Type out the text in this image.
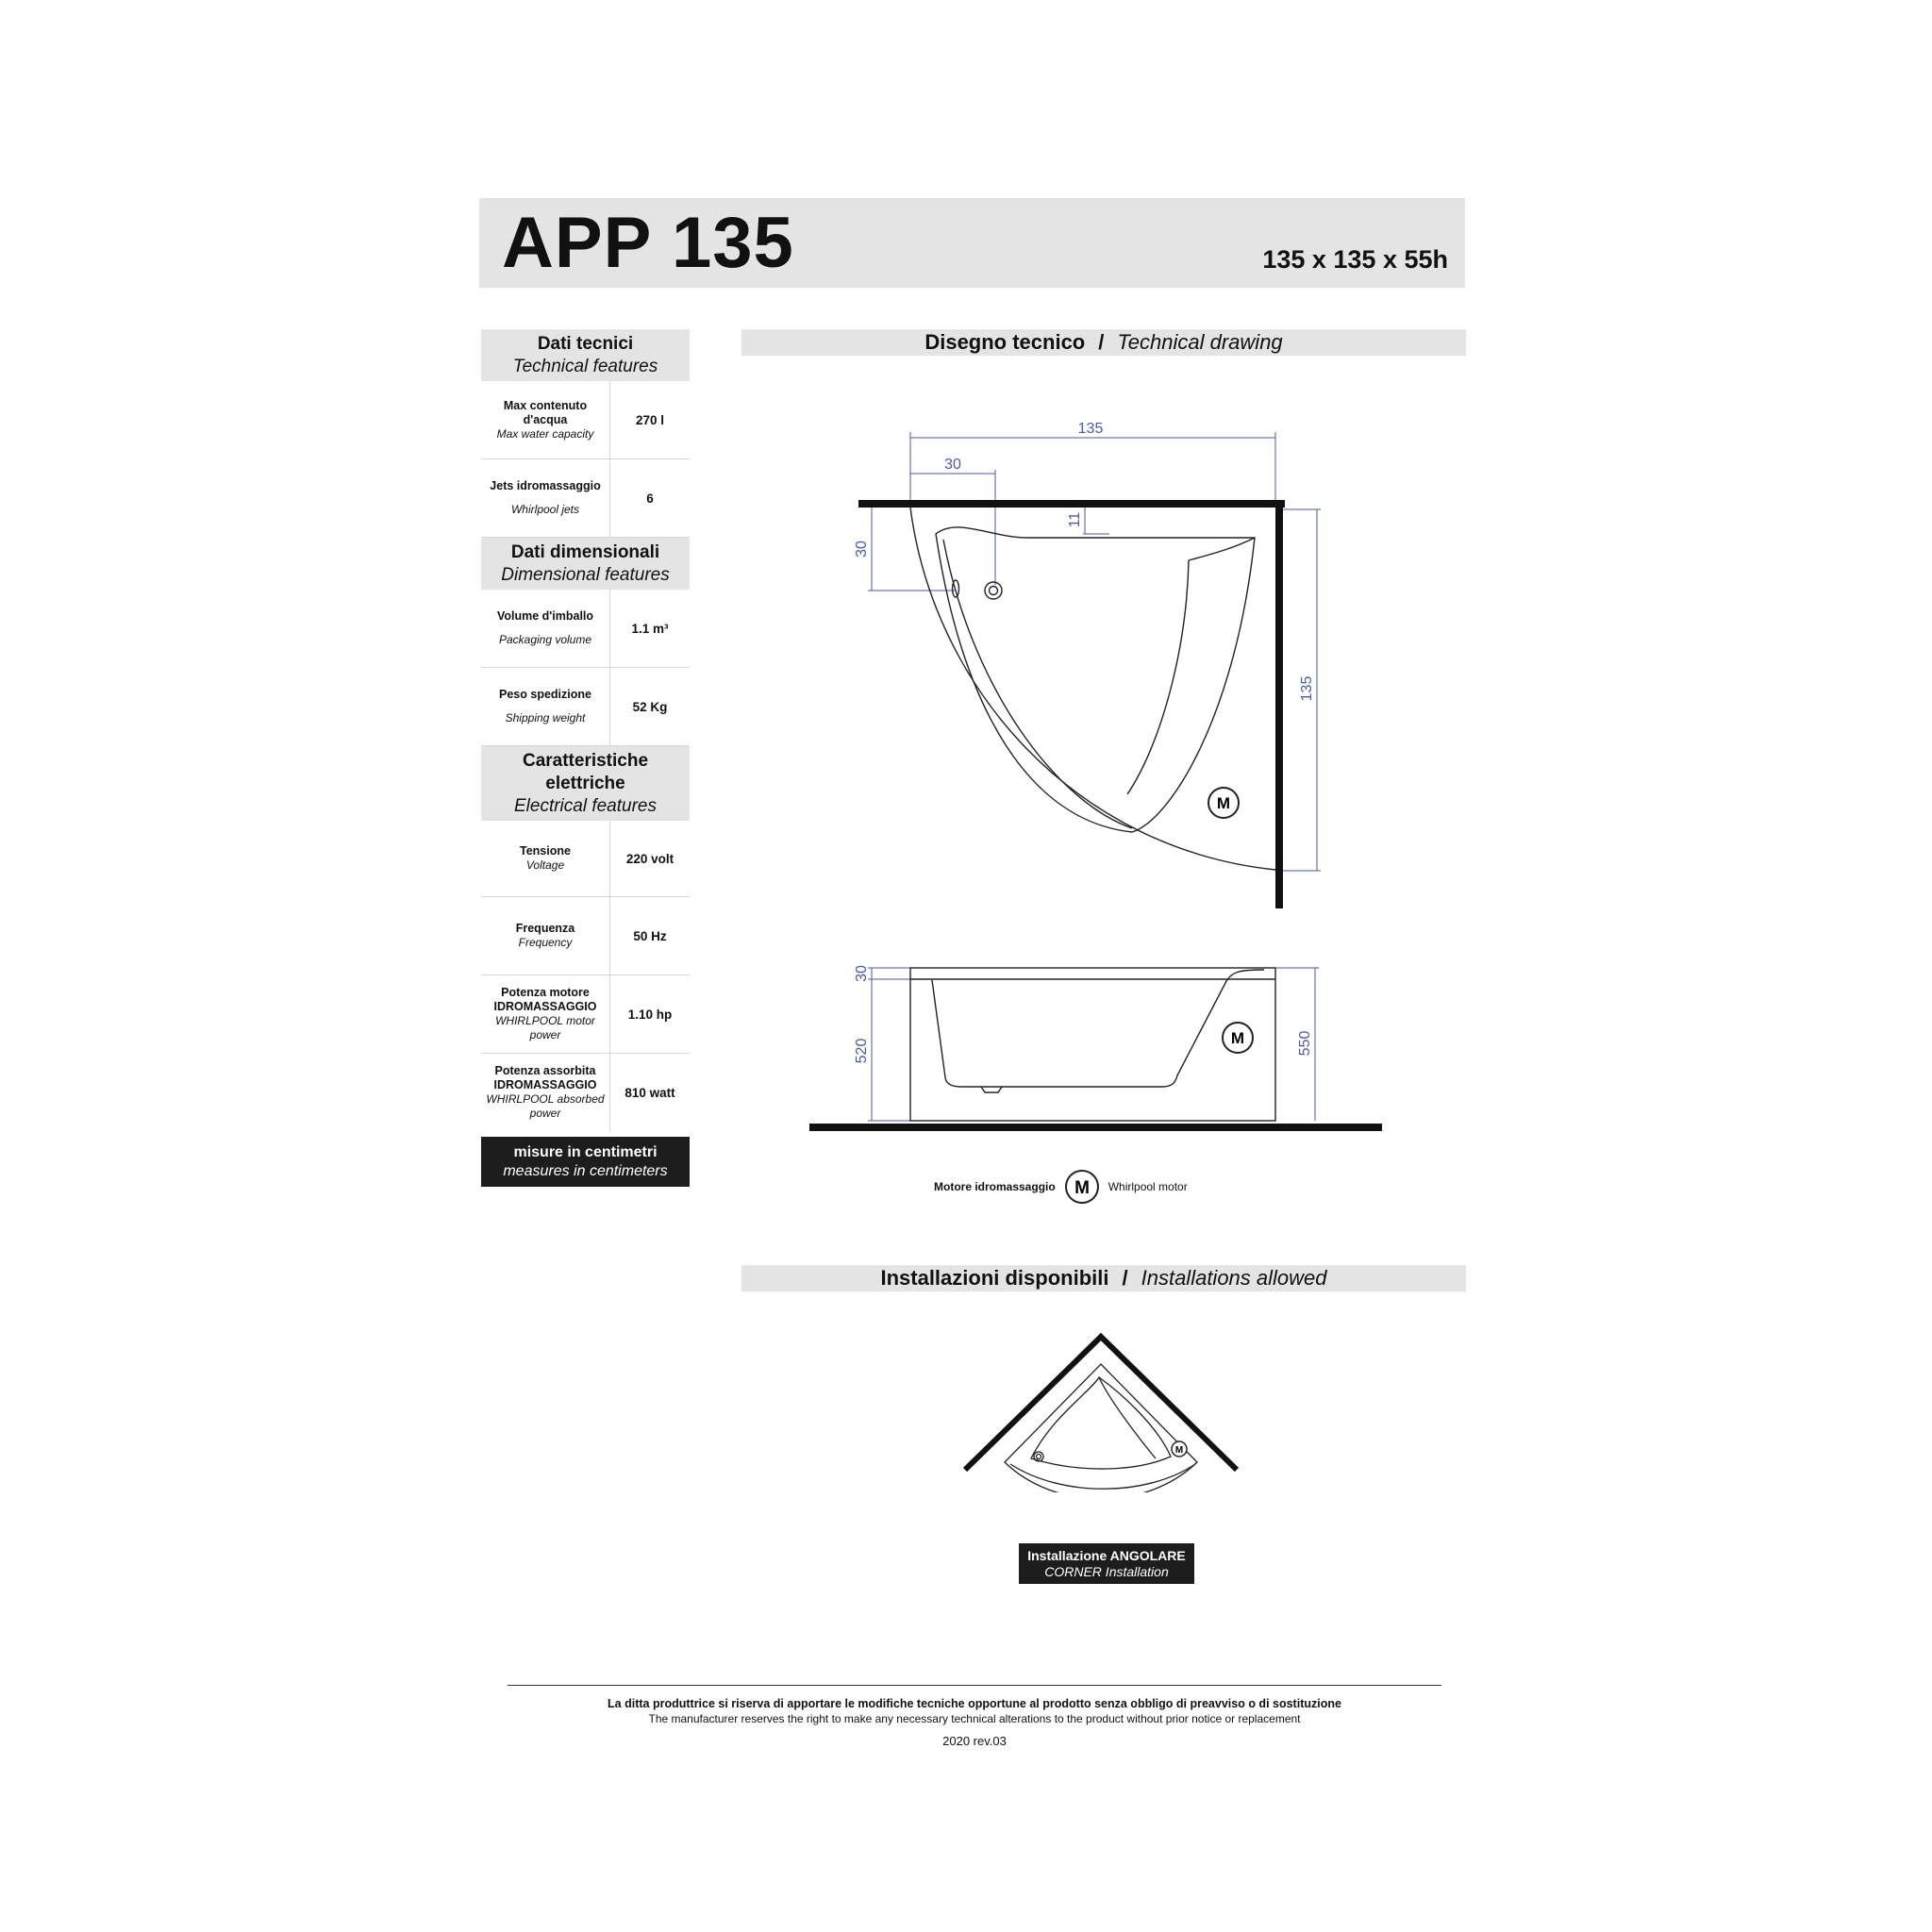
APP 135	135 x 135 x 55h
Dati tecnici
Technical features
Max contenuto d'acqua
Max water capacity
270 l
Jets idromassaggio
Whirlpool jets
6
Dati dimensionali
Dimensional features
Volume d'imballo
Packaging volume
1.1 m³
Peso spedizione
Shipping weight
52 Kg
Caratteristiche elettriche
Electrical features
Tensione
Voltage	220 volt
Frequenza
Frequency	50 Hz
Potenza motore IDROMASSAGGIO
WHIRLPOOL motor power
1.10 hp
Potenza assorbita IDROMASSAGGIO
WHIRLPOOL absorbed power
810 watt
misure in centimetri
measures in centimeters
Disegno tecnico / Technical drawing
135
30
11
30
135
30
520	550
M
M
Motore idromassaggio M Whirlpool motor
Installazioni disponibili / Installations allowed
M
Installazione ANGOLARE
CORNER Installation
La ditta produttrice si riserva di apportare le modifiche tecniche opportune al prodotto senza obbligo di preavviso o di sostituzione
The manufacturer reserves the right to make any necessary technical alterations to the product without prior notice or replacement
2020 rev.03
